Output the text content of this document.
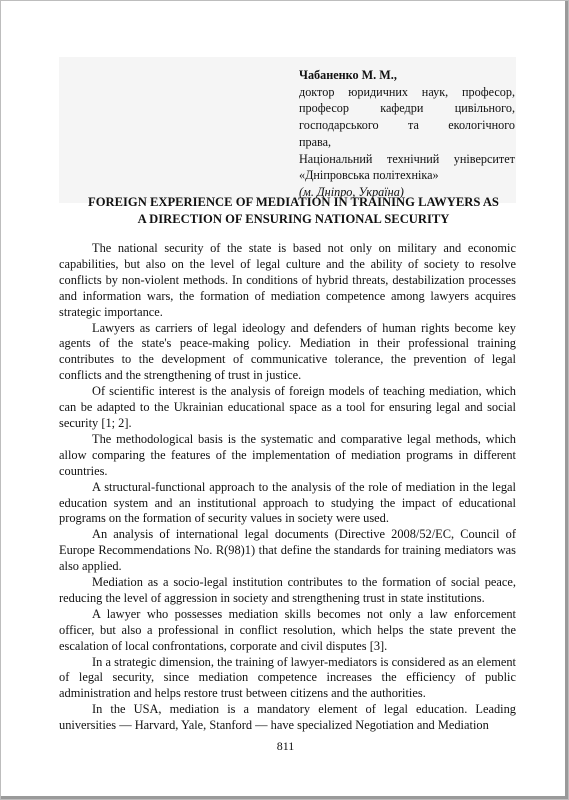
Чабаненко М. М.,
доктор юридичних наук, професор,
професор кафедри цивільного,
господарського та екологічного
права,
Національний технічний університет
«Дніпровська політехніка»
(м. Дніпро, Україна)
FOREIGN EXPERIENCE OF MEDIATION IN TRAINING LAWYERS AS
A DIRECTION OF ENSURING NATIONAL SECURITY

The national security of the state is based not only on military and economic capabilities, but also on the level of legal culture and the ability of society to resolve conflicts by non-violent methods. In conditions of hybrid threats, destabilization processes and information wars, the formation of mediation competence among lawyers acquires strategic importance.

Lawyers as carriers of legal ideology and defenders of human rights become key agents of the state's peace-making policy. Mediation in their professional training contributes to the development of communicative tolerance, the prevention of legal conflicts and the strengthening of trust in justice.

Of scientific interest is the analysis of foreign models of teaching mediation, which can be adapted to the Ukrainian educational space as a tool for ensuring legal and social security [1; 2].

The methodological basis is the systematic and comparative legal methods, which allow comparing the features of the implementation of mediation programs in different countries.

A structural-functional approach to the analysis of the role of mediation in the legal education system and an institutional approach to studying the impact of educational programs on the formation of security values in society were used.

An analysis of international legal documents (Directive 2008/52/EC, Council of Europe Recommendations No. R(98)1) that define the standards for training mediators was also applied.

Mediation as a socio-legal institution contributes to the formation of social peace, reducing the level of aggression in society and strengthening trust in state institutions.

A lawyer who possesses mediation skills becomes not only a law enforcement officer, but also a professional in conflict resolution, which helps the state prevent the escalation of local confrontations, corporate and civil disputes [3].

In a strategic dimension, the training of lawyer-mediators is considered as an element of legal security, since mediation competence increases the efficiency of public administration and helps restore trust between citizens and the authorities.

In the USA, mediation is a mandatory element of legal education. Leading universities — Harvard, Yale, Stanford — have specialized Negotiation and Mediation

811
